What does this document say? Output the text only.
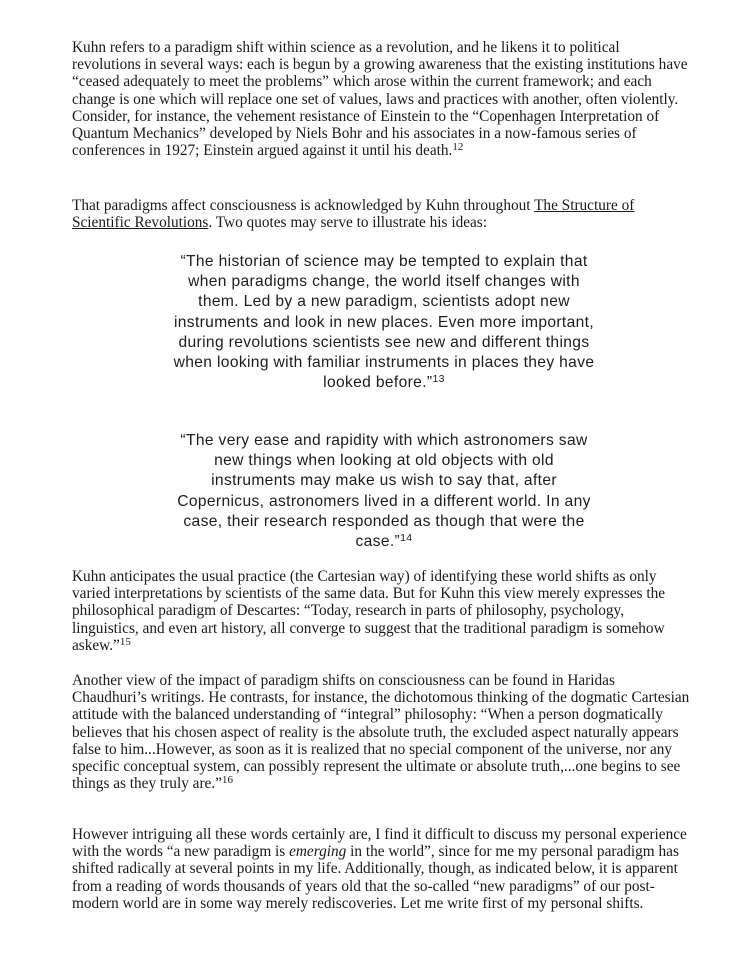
Kuhn refers to a paradigm shift within science as a revolution, and he likens it to political revolutions in several ways: each is begun by a growing awareness that the existing institutions have “ceased adequately to meet the problems” which arose within the current framework; and each change is one which will replace one set of values, laws and practices with another, often violently. Consider, for instance, the vehement resistance of Einstein to the “Copenhagen Interpretation of Quantum Mechanics” developed by Niels Bohr and his associates in a now-famous series of conferences in 1927; Einstein argued against it until his death.$^{12}$

That paradigms affect consciousness is acknowledged by Kuhn throughout The Structure of Scientific Revolutions. Two quotes may serve to illustrate his ideas:

“The historian of science may be tempted to explain that when paradigms change, the world itself changes with them. Led by a new paradigm, scientists adopt new instruments and look in new places. Even more important, during revolutions scientists see new and different things when looking with familiar instruments in places they have looked before.”$^{13}$

“The very ease and rapidity with which astronomers saw new things when looking at old objects with old instruments may make us wish to say that, after Copernicus, astronomers lived in a different world. In any case, their research responded as though that were the case.”$^{14}$

Kuhn anticipates the usual practice (the Cartesian way) of identifying these world shifts as only varied interpretations by scientists of the same data. But for Kuhn this view merely expresses the philosophical paradigm of Descartes: “Today, research in parts of philosophy, psychology, linguistics, and even art history, all converge to suggest that the traditional paradigm is somehow askew.”$^{15}$

Another view of the impact of paradigm shifts on consciousness can be found in Haridas Chaudhuri’s writings. He contrasts, for instance, the dichotomous thinking of the dogmatic Cartesian attitude with the balanced understanding of “integral” philosophy: “When a person dogmatically believes that his chosen aspect of reality is the absolute truth, the excluded aspect naturally appears false to him...However, as soon as it is realized that no special component of the universe, nor any specific conceptual system, can possibly represent the ultimate or absolute truth,...one begins to see things as they truly are.”$^{16}$

However intriguing all these words certainly are, I find it difficult to discuss my personal experience with the words “a new paradigm is emerging in the world”, since for me my personal paradigm has shifted radically at several points in my life. Additionally, though, as indicated below, it is apparent from a reading of words thousands of years old that the so-called “new paradigms” of our post-modern world are in some way merely rediscoveries. Let me write first of my personal shifts.
